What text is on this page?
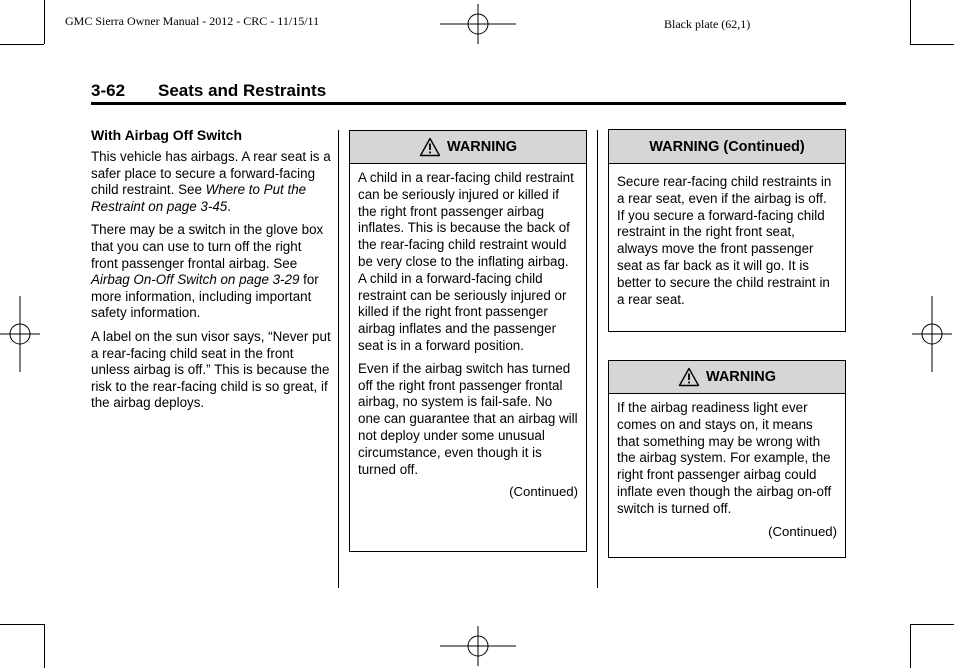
GMC Sierra Owner Manual - 2012 - CRC - 11/15/11	Black plate (62,1)
3-62 Seats and Restraints
With Airbag Off Switch

This vehicle has airbags. A rear seat is a safer place to secure a forward-facing child restraint. See Where to Put the Restraint on page 3-45.

There may be a switch in the glove box that you can use to turn off the right front passenger frontal airbag. See Airbag On-Off Switch on page 3-29 for more information, including important safety information.

A label on the sun visor says, “Never put a rear-facing child seat in the front unless airbag is off.” This is because the risk to the rear-facing child is so great, if the airbag deploys.

WARNING

A child in a rear-facing child restraint can be seriously injured or killed if the right front passenger airbag inflates. This is because the back of the rear-facing child restraint would be very close to the inflating airbag. A child in a forward-facing child restraint can be seriously injured or killed if the right front passenger airbag inflates and the passenger seat is in a forward position.

Even if the airbag switch has turned off the right front passenger frontal airbag, no system is fail-safe. No one can guarantee that an airbag will not deploy under some unusual circumstance, even though it is turned off.

(Continued)
WARNING (Continued)

Secure rear-facing child restraints in a rear seat, even if the airbag is off. If you secure a forward-facing child restraint in the right front seat, always move the front passenger seat as far back as it will go. It is better to secure the child restraint in a rear seat.

WARNING

If the airbag readiness light ever comes on and stays on, it means that something may be wrong with the airbag system. For example, the right front passenger airbag could inflate even though the airbag on-off switch is turned off.

(Continued)
